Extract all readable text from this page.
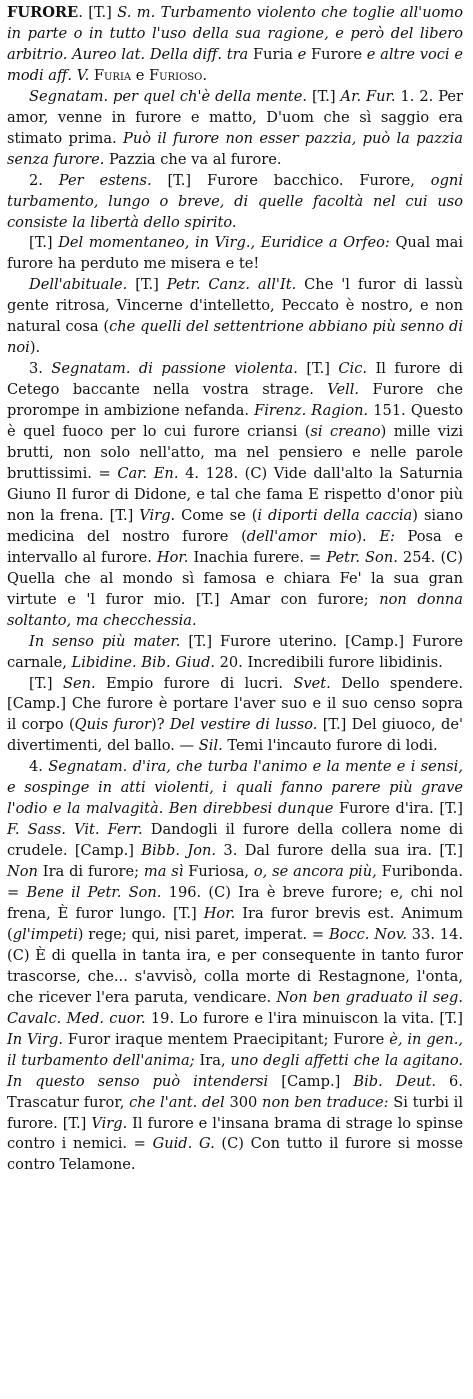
FURORE. [T.] S. m. Turbamento violento che toglie all'uomo in parte o in tutto l'uso della sua ragione, e però del libero arbitrio. Aureo lat. Della diff. tra Furia e Furore e altre voci e modi aff. V. Furia e Furioso.

Segnatam. per quel ch'è della mente. [T.] Ar. Fur. 1. 2. Per amor, venne in furore e matto, D'uom che sì saggio era stimato prima. Può il furore non esser pazzia, può la pazzia senza furore. Pazzia che va al furore.

2. Per estens. [T.] Furore bacchico. Furore, ogni turbamento, lungo o breve, di quelle facoltà nel cui uso consiste la libertà dello spirito.

[T.] Del momentaneo, in Virg., Euridice a Orfeo: Qual mai furore ha perduto me misera e te!

Dell'abituale. [T.] Petr. Canz. all'It. Che 'l furor di lassù gente ritrosa, Vincerne d'intelletto, Peccato è nostro, e non natural cosa (che quelli del settentrione abbiano più senno di noi).

3. Segnatam. di passione violenta. [T.] Cic. Il furore di Cetego baccante nella vostra strage. Vell. Furore che prorompe in ambizione nefanda. Firenz. Ragion. 151. Questo è quel fuoco per lo cui furore criansi (si creano) mille vizi brutti, non solo nell'atto, ma nel pensiero e nelle parole bruttissimi. = Car. En. 4. 128. (C) Vide dall'alto la Saturnia Giuno Il furor di Didone, e tal che fama E rispetto d'onor più non la frena. [T.] Virg. Come se (i diporti della caccia) siano medicina del nostro furore (dell'amor mio). E: Posa e intervallo al furore. Hor. Inachia furere. = Petr. Son. 254. (C) Quella che al mondo sì famosa e chiara Fe' la sua gran virtute e 'l furor mio. [T.] Amar con furore; non donna soltanto, ma checchessia.

In senso più mater. [T.] Furore uterino. [Camp.] Furore carnale, Libidine. Bib. Giud. 20. Incredibili furore libidinis.

[T.] Sen. Empio furore di lucri. Svet. Dello spendere. [Camp.] Che furore è portare l'aver suo e il suo censo sopra il corpo (Quis furor)? Del vestire di lusso. [T.] Del giuoco, de' divertimenti, del ballo. — Sil. Temi l'incauto furore di lodi.

4. Segnatam. d'ira, che turba l'animo e la mente e i sensi, e sospinge in atti violenti, i quali fanno parere più grave l'odio e la malvagità. Ben direbbesi dunque Furore d'ira. [T.] F. Sass. Vit. Ferr. Dandogli il furore della collera nome di crudele. [Camp.] Bibb. Jon. 3. Dal furore della sua ira. [T.] Non Ira di furore; ma sì Furiosa, o, se ancora più, Furibonda. = Bene il Petr. Son. 196. (C) Ira è breve furore; e, chi nol frena, È furor lungo. [T.] Hor. Ira furor brevis est. Animum (gl'impeti) rege; qui, nisi paret, imperat. = Bocc. Nov. 33. 14. (C) È di quella in tanta ira, e per consequente in tanto furor trascorse, che... s'avvisò, colla morte di Restagnone, l'onta, che ricever l'era paruta, vendicare. Non ben graduato il seg. Cavalc. Med. cuor. 19. Lo furore e l'ira minuiscon la vita. [T.] In Virg. Furor iraque mentem Praecipitant; Furore è, in gen., il turbamento dell'anima; Ira, uno degli affetti che la agitano. In questo senso può intendersi [Camp.] Bib. Deut. 6. Trascatur furor, che l'ant. del 300 non ben traduce: Si turbi il furore. [T.] Virg. Il furore e l'insana brama di strage lo spinse contro i nemici. = Guid. G. (C) Con tutto il furore si mosse contro Telamone.
